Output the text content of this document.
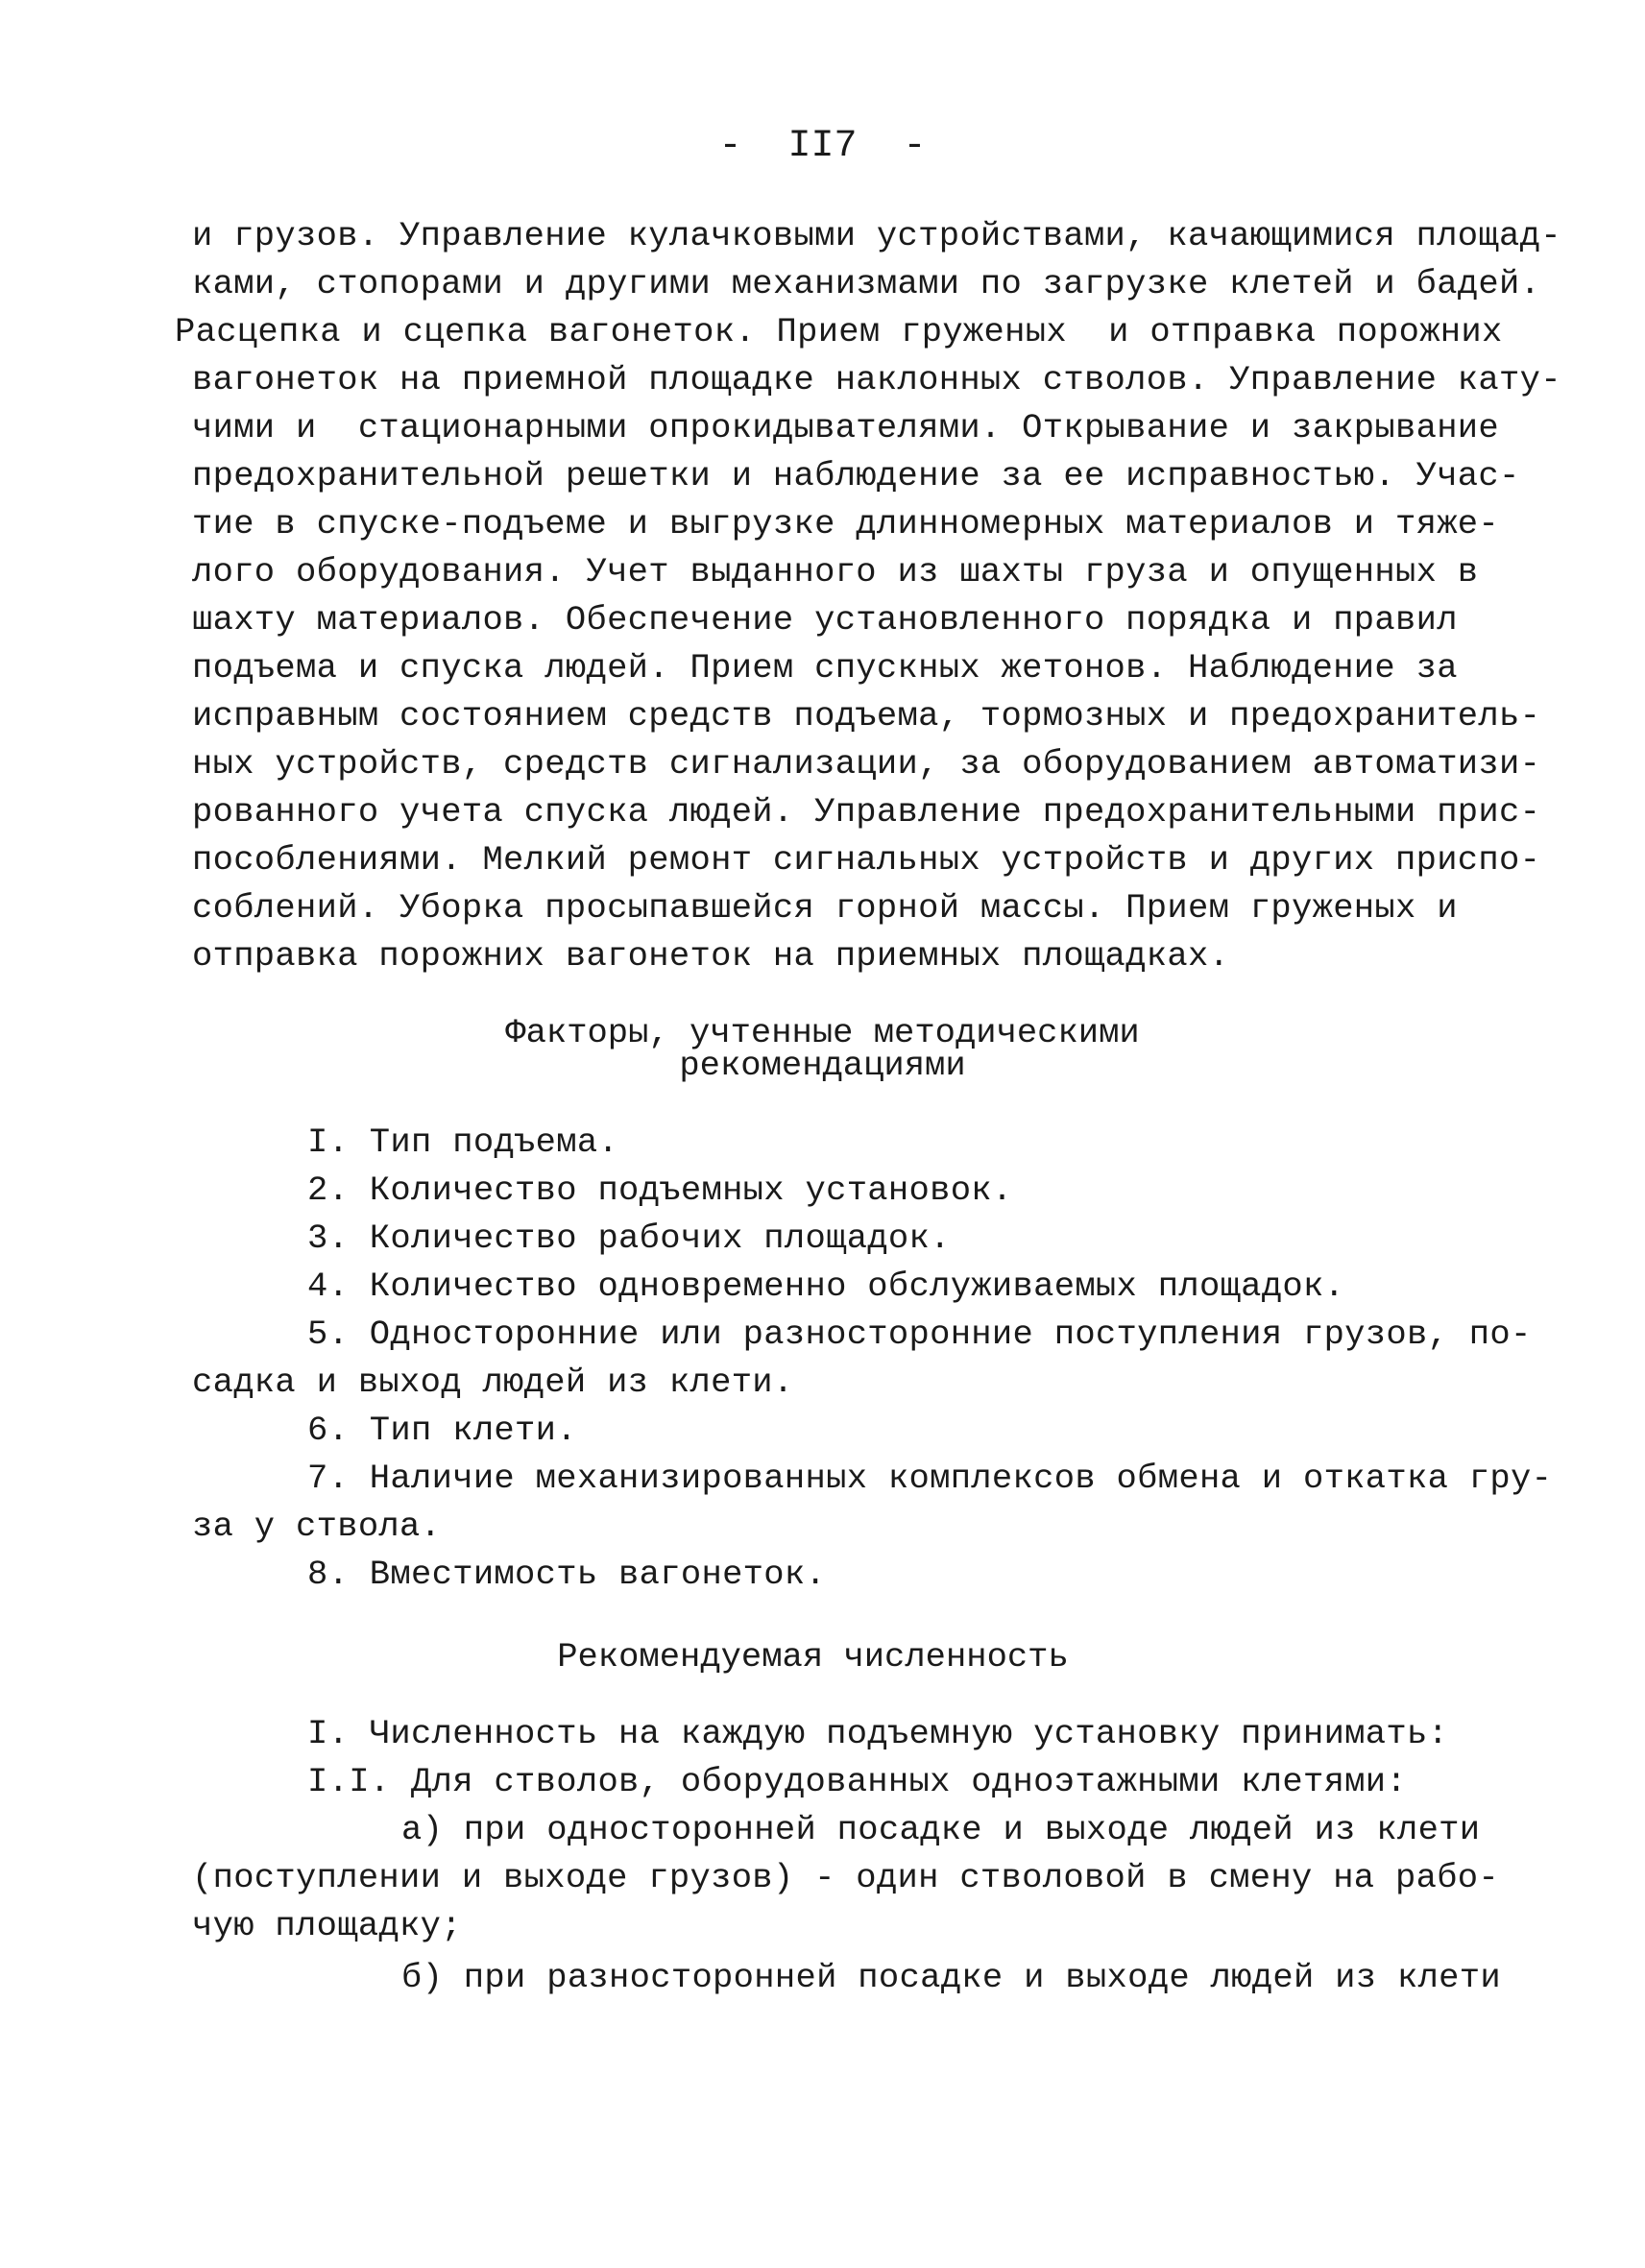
-  II7  -
и грузов. Управление кулачковыми устройствами, качающимися площад-
ками, стопорами и другими механизмами по загрузке клетей и бадей.
Расцепка и сцепка вагонеток. Прием груженых  и отправка порожних
вагонеток на приемной площадке наклонных стволов. Управление кату-
чими и  стационарными опрокидывателями. Открывание и закрывание
предохранительной решетки и наблюдение за ее исправностью. Учас-
тие в спуске-подъеме и выгрузке длинномерных материалов и тяже-
лого оборудования. Учет выданного из шахты груза и опущенных в
шахту материалов. Обеспечение установленного порядка и правил
подъема и спуска людей. Прием спускных жетонов. Наблюдение за
исправным состоянием средств подъема, тормозных и предохранитель-
ных устройств, средств сигнализации, за оборудованием автоматизи-
рованного учета спуска людей. Управление предохранительными прис-
пособлениями. Мелкий ремонт сигнальных устройств и других приспо-
соблений. Уборка просыпавшейся горной массы. Прием груженых и
отправка порожних вагонеток на приемных площадках.
Факторы, учтенные методическими
рекомендациями
I. Тип подъема.
2. Количество подъемных установок.
3. Количество рабочих площадок.
4. Количество одновременно обслуживаемых площадок.
5. Односторонние или разносторонние поступления грузов, по-
садка и выход людей из клети.
6. Тип клети.
7. Наличие механизированных комплексов обмена и откатка гру-
за у ствола.
8. Вместимость вагонеток.
Рекомендуемая численность
I. Численность на каждую подъемную установку принимать:
I.I. Для стволов, оборудованных одноэтажными клетями:
а) при односторонней посадке и выходе людей из клети
(поступлении и выходе грузов) - один стволовой в смену на рабо-
чую площадку;
б) при разносторонней посадке и выходе людей из клети
